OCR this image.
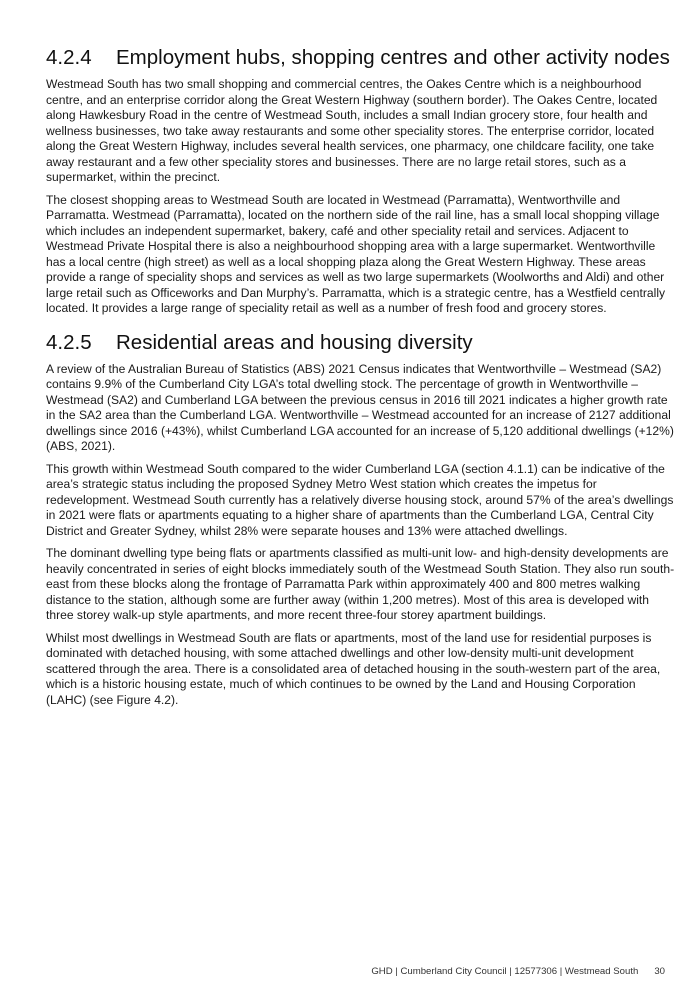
4.2.4 Employment hubs, shopping centres and other activity nodes

Westmead South has two small shopping and commercial centres, the Oakes Centre which is a neighbourhood centre, and an enterprise corridor along the Great Western Highway (southern border). The Oakes Centre, located along Hawkesbury Road in the centre of Westmead South, includes a small Indian grocery store, four health and wellness businesses, two take away restaurants and some other speciality stores. The enterprise corridor, located along the Great Western Highway, includes several health services, one pharmacy, one childcare facility, one take away restaurant and a few other speciality stores and businesses. There are no large retail stores, such as a supermarket, within the precinct.

The closest shopping areas to Westmead South are located in Westmead (Parramatta), Wentworthville and Parramatta. Westmead (Parramatta), located on the northern side of the rail line, has a small local shopping village which includes an independent supermarket, bakery, café and other speciality retail and services. Adjacent to Westmead Private Hospital there is also a neighbourhood shopping area with a large supermarket. Wentworthville has a local centre (high street) as well as a local shopping plaza along the Great Western Highway. These areas provide a range of speciality shops and services as well as two large supermarkets (Woolworths and Aldi) and other large retail such as Officeworks and Dan Murphy’s. Parramatta, which is a strategic centre, has a Westfield centrally located. It provides a large range of speciality retail as well as a number of fresh food and grocery stores.

4.2.5 Residential areas and housing diversity

A review of the Australian Bureau of Statistics (ABS) 2021 Census indicates that Wentworthville – Westmead (SA2) contains 9.9% of the Cumberland City LGA’s total dwelling stock. The percentage of growth in Wentworthville – Westmead (SA2) and Cumberland LGA between the previous census in 2016 till 2021 indicates a higher growth rate in the SA2 area than the Cumberland LGA. Wentworthville – Westmead accounted for an increase of 2127 additional dwellings since 2016 (+43%), whilst Cumberland LGA accounted for an increase of 5,120 additional dwellings (+12%) (ABS, 2021).

This growth within Westmead South compared to the wider Cumberland LGA (section 4.1.1) can be indicative of the area’s strategic status including the proposed Sydney Metro West station which creates the impetus for redevelopment. Westmead South currently has a relatively diverse housing stock, around 57% of the area’s dwellings in 2021 were flats or apartments equating to a higher share of apartments than the Cumberland LGA, Central City District and Greater Sydney, whilst 28% were separate houses and 13% were attached dwellings.

The dominant dwelling type being flats or apartments classified as multi-unit low- and high-density developments are heavily concentrated in series of eight blocks immediately south of the Westmead South Station. They also run south-east from these blocks along the frontage of Parramatta Park within approximately 400 and 800 metres walking distance to the station, although some are further away (within 1,200 metres). Most of this area is developed with three storey walk-up style apartments, and more recent three-four storey apartment buildings.

Whilst most dwellings in Westmead South are flats or apartments, most of the land use for residential purposes is dominated with detached housing, with some attached dwellings and other low-density multi-unit development scattered through the area. There is a consolidated area of detached housing in the south-western part of the area, which is a historic housing estate, much of which continues to be owned by the Land and Housing Corporation (LAHC) (see Figure 4.2).

GHD | Cumberland City Council | 12577306 | Westmead South 30
